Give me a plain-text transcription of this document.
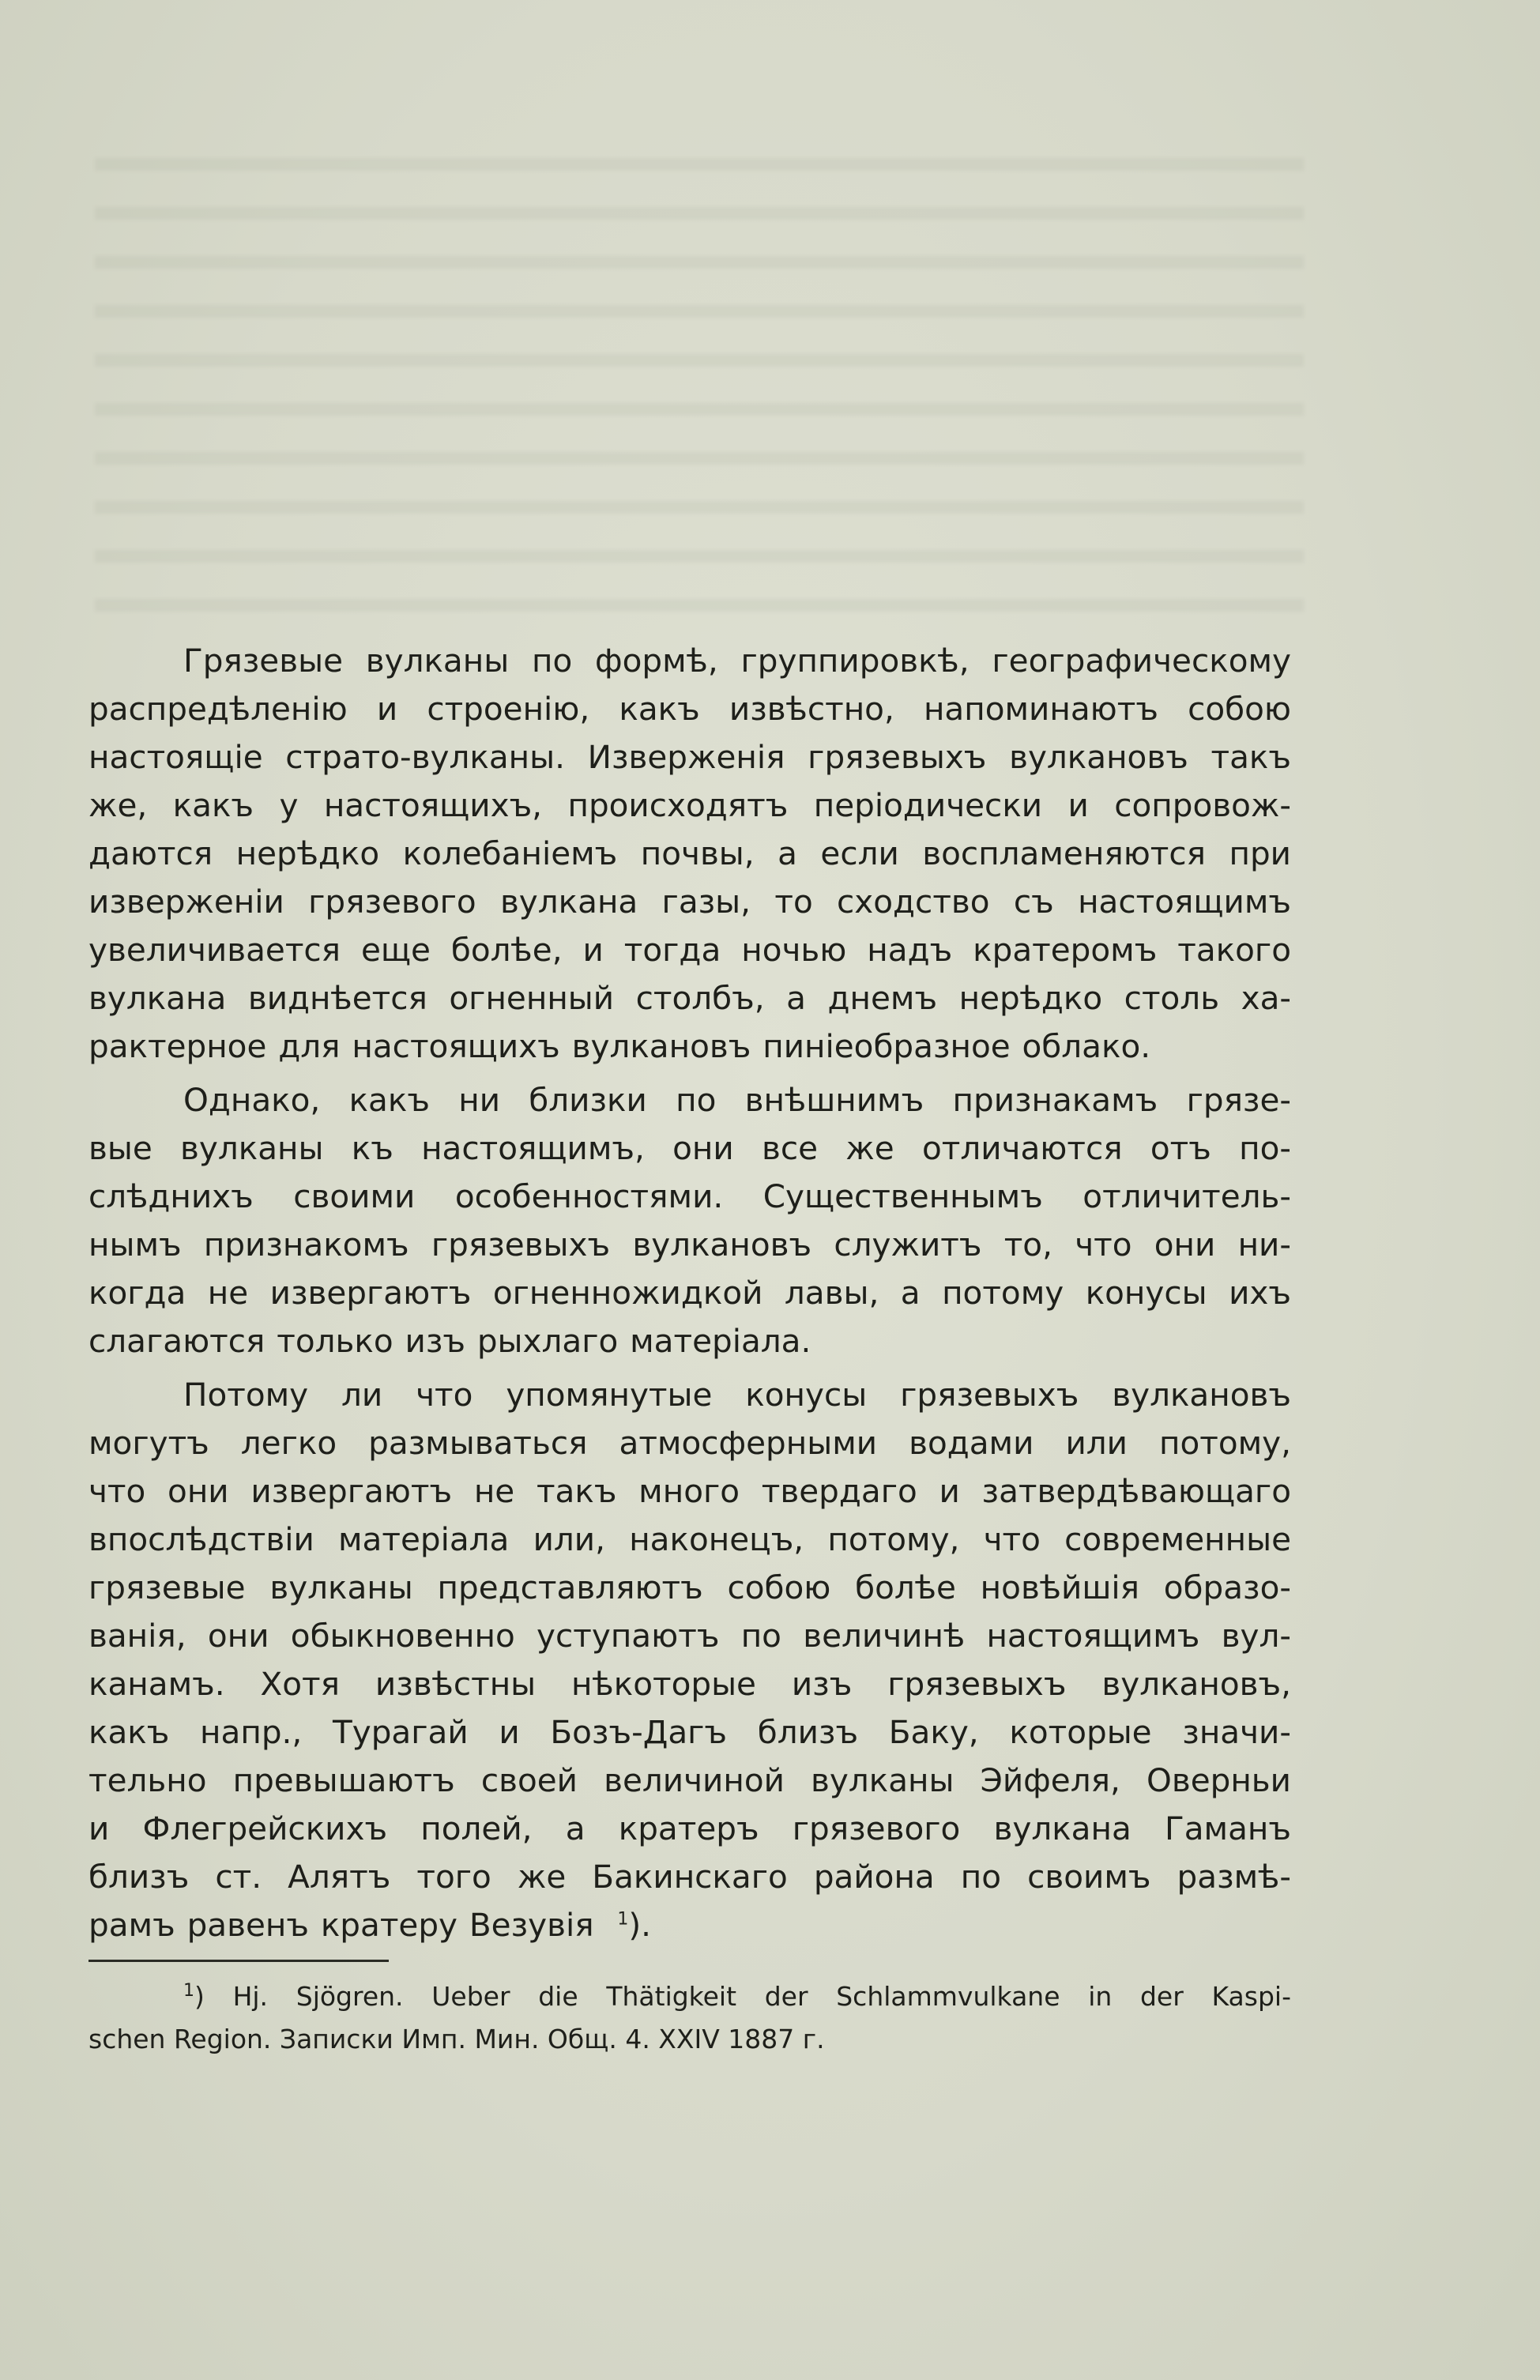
Грязевые вулканы по формѣ, группировкѣ, географическому
распредѣленію и строенію, какъ извѣстно, напоминаютъ собою
настоящіе страто-вулканы. Изверженія грязевыхъ вулкановъ такъ
же, какъ у настоящихъ, происходятъ періодически и сопровож-
даются нерѣдко колебаніемъ почвы, а если воспламеняются при
изверженіи грязевого вулкана газы, то сходство съ настоящимъ
увеличивается еще болѣе, и тогда ночью надъ кратеромъ такого
вулкана виднѣется огненный столбъ, а днемъ нерѣдко столь ха-
рактерное для настоящихъ вулкановъ пиніеобразное облако.
Однако, какъ ни близки по внѣшнимъ признакамъ грязе-
вые вулканы къ настоящимъ, они все же отличаются отъ по-
слѣднихъ своими особенностями. Существеннымъ отличитель-
нымъ признакомъ грязевыхъ вулкановъ служитъ то, что они ни-
когда не извергаютъ огненножидкой лавы, а потому конусы ихъ
слагаются только изъ рыхлаго матеріала.
Потому ли что упомянутые конусы грязевыхъ вулкановъ
могутъ легко размываться атмосферными водами или потому,
что они извергаютъ не такъ много твердаго и затвердѣвающаго
впослѣдствіи матеріала или, наконецъ, потому, что современные
грязевые вулканы представляютъ собою болѣе новѣйшія образо-
ванія, они обыкновенно уступаютъ по величинѣ настоящимъ вул-
канамъ. Хотя извѣстны нѣкоторые изъ грязевыхъ вулкановъ,
какъ напр., Турагай и Бозъ-Дагъ близъ Баку, которые значи-
тельно превышаютъ своей величиной вулканы Эйфеля, Оверньи
и Флегрейскихъ полей, а кратеръ грязевого вулкана Гаманъ
близъ ст. Алятъ того же Бакинскаго района по своимъ размѣ-
рамъ равенъ кратеру Везувія $^1$).
$^1$) Hj. Sjögren. Ueber die Thätigkeit der Schlammvulkane in der Kaspi-
schen Region. Записки Имп. Мин. Общ. 4. XXIV 1887 г.
